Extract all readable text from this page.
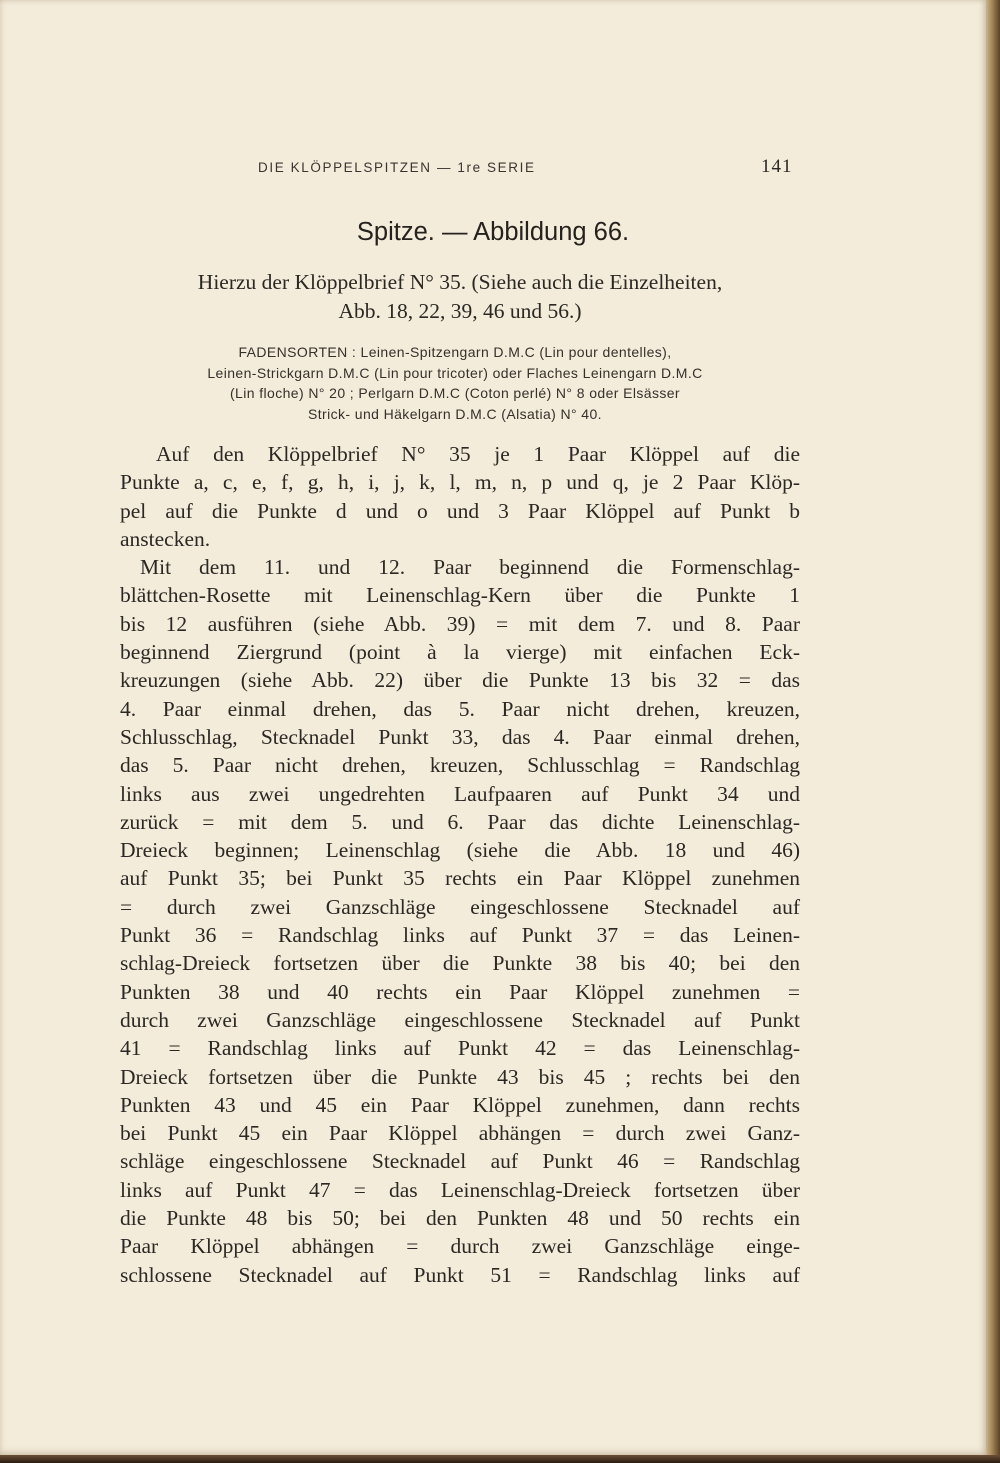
DIE KLÖPPELSPITZEN — 1re SERIE	141
Spitze. — Abbildung 66.
Hierzu der Klöppelbrief N° 35. (Siehe auch die Einzelheiten,
Abb. 18, 22, 39, 46 und 56.)
FADENSORTEN : Leinen-Spitzengarn D.M.C (Lin pour dentelles),
Leinen-Strickgarn D.M.C (Lin pour tricoter) oder Flaches Leinengarn D.M.C
(Lin floche) N° 20 ; Perlgarn D.M.C (Coton perlé) N° 8 oder Elsässer
Strick- und Häkelgarn D.M.C (Alsatia) N° 40.
Auf den Klöppelbrief N° 35 je 1 Paar Klöppel auf die
Punkte a, c, e, f, g, h, i, j, k, l, m, n, p und q, je 2 Paar Klöp-
pel auf die Punkte d und o und 3 Paar Klöppel auf Punkt b
anstecken.
Mit dem 11. und 12. Paar beginnend die Formenschlag-
blättchen-Rosette mit Leinenschlag-Kern über die Punkte 1
bis 12 ausführen (siehe Abb. 39) = mit dem 7. und 8. Paar
beginnend Ziergrund (point à la vierge) mit einfachen Eck-
kreuzungen (siehe Abb. 22) über die Punkte 13 bis 32 = das
4. Paar einmal drehen, das 5. Paar nicht drehen, kreuzen,
Schlusschlag, Stecknadel Punkt 33, das 4. Paar einmal drehen,
das 5. Paar nicht drehen, kreuzen, Schlusschlag = Randschlag
links aus zwei ungedrehten Laufpaaren auf Punkt 34 und
zurück = mit dem 5. und 6. Paar das dichte Leinenschlag-
Dreieck beginnen; Leinenschlag (siehe die Abb. 18 und 46)
auf Punkt 35; bei Punkt 35 rechts ein Paar Klöppel zunehmen
= durch zwei Ganzschläge eingeschlossene Stecknadel auf
Punkt 36 = Randschlag links auf Punkt 37 = das Leinen-
schlag-Dreieck fortsetzen über die Punkte 38 bis 40; bei den
Punkten 38 und 40 rechts ein Paar Klöppel zunehmen =
durch zwei Ganzschläge eingeschlossene Stecknadel auf Punkt
41 = Randschlag links auf Punkt 42 = das Leinenschlag-
Dreieck fortsetzen über die Punkte 43 bis 45 ; rechts bei den
Punkten 43 und 45 ein Paar Klöppel zunehmen, dann rechts
bei Punkt 45 ein Paar Klöppel abhängen = durch zwei Ganz-
schläge eingeschlossene Stecknadel auf Punkt 46 = Randschlag
links auf Punkt 47 = das Leinenschlag-Dreieck fortsetzen über
die Punkte 48 bis 50; bei den Punkten 48 und 50 rechts ein
Paar Klöppel abhängen = durch zwei Ganzschläge einge-
schlossene Stecknadel auf Punkt 51 = Randschlag links auf
